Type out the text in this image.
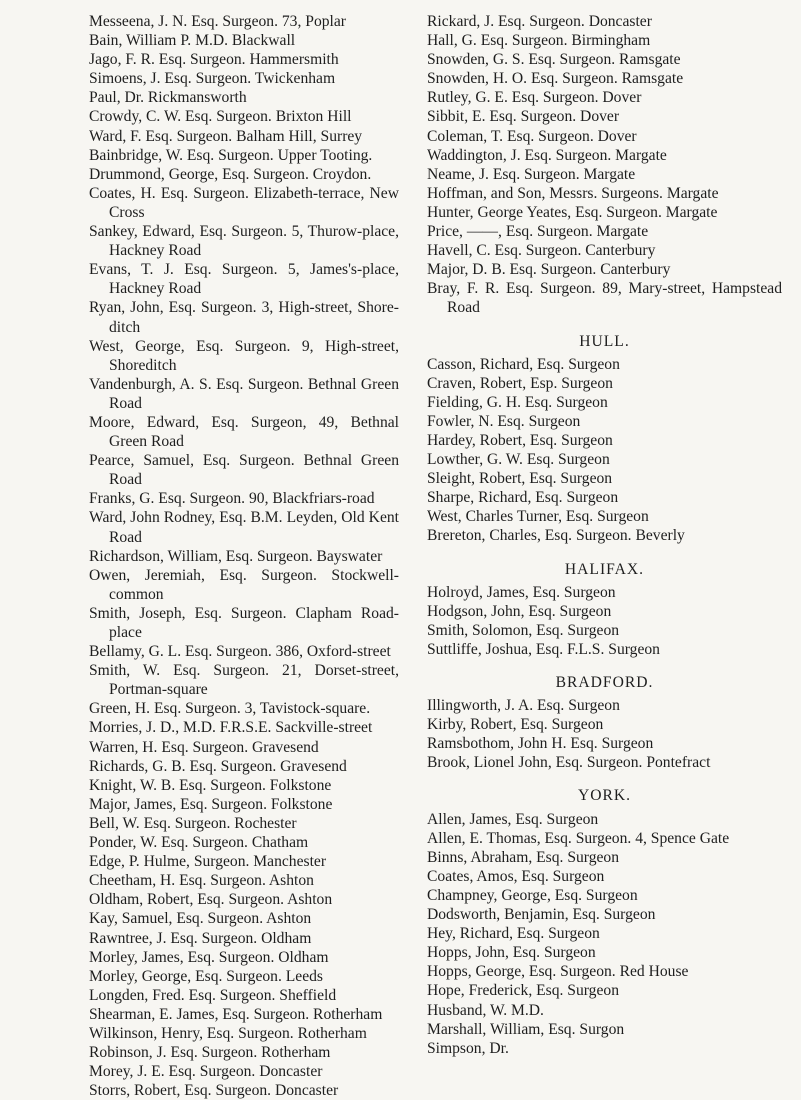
Messeena, J. N. Esq. Surgeon. 73, Poplar
Bain, William P. M.D. Blackwall
Jago, F. R. Esq. Surgeon. Hammersmith
Simoens, J. Esq. Surgeon. Twickenham
Paul, Dr. Rickmansworth
Crowdy, C. W. Esq. Surgeon. Brixton Hill
Ward, F. Esq. Surgeon. Balham Hill, Surrey
Bainbridge, W. Esq. Surgeon. Upper Tooting.
Drummond, George, Esq. Surgeon. Croydon.
Coates, H. Esq. Surgeon. Elizabeth-terrace, New Cross
Sankey, Edward, Esq. Surgeon. 5, Thurow-place, Hackney Road
Evans, T. J. Esq. Surgeon. 5, James's-place, Hackney Road
Ryan, John, Esq. Surgeon. 3, High-street, Shore-ditch
West, George, Esq. Surgeon. 9, High-street, Shoreditch
Vandenburgh, A. S. Esq. Surgeon. Bethnal Green Road
Moore, Edward, Esq. Surgeon, 49, Bethnal Green Road
Pearce, Samuel, Esq. Surgeon. Bethnal Green Road
Franks, G. Esq. Surgeon. 90, Blackfriars-road
Ward, John Rodney, Esq. B.M. Leyden, Old Kent Road
Richardson, William, Esq. Surgeon. Bayswater
Owen, Jeremiah, Esq. Surgeon. Stockwell-common
Smith, Joseph, Esq. Surgeon. Clapham Road-place
Bellamy, G. L. Esq. Surgeon. 386, Oxford-street
Smith, W. Esq. Surgeon. 21, Dorset-street, Portman-square
Green, H. Esq. Surgeon. 3, Tavistock-square.
Morries, J. D., M.D. F.R.S.E. Sackville-street
Warren, H. Esq. Surgeon. Gravesend
Richards, G. B. Esq. Surgeon. Gravesend
Knight, W. B. Esq. Surgeon. Folkstone
Major, James, Esq. Surgeon. Folkstone
Bell, W. Esq. Surgeon. Rochester
Ponder, W. Esq. Surgeon. Chatham
Edge, P. Hulme, Surgeon. Manchester
Cheetham, H. Esq. Surgeon. Ashton
Oldham, Robert, Esq. Surgeon. Ashton
Kay, Samuel, Esq. Surgeon. Ashton
Rawntree, J. Esq. Surgeon. Oldham
Morley, James, Esq. Surgeon. Oldham
Morley, George, Esq. Surgeon. Leeds
Longden, Fred. Esq. Surgeon. Sheffield
Shearman, E. James, Esq. Surgeon. Rotherham
Wilkinson, Henry, Esq. Surgeon. Rotherham
Robinson, J. Esq. Surgeon. Rotherham
Morey, J. E. Esq. Surgeon. Doncaster
Storrs, Robert, Esq. Surgeon. Doncaster
Rickard, J. Esq. Surgeon. Doncaster
Hall, G. Esq. Surgeon. Birmingham
Snowden, G. S. Esq. Surgeon. Ramsgate
Snowden, H. O. Esq. Surgeon. Ramsgate
Rutley, G. E. Esq. Surgeon. Dover
Sibbit, E. Esq. Surgeon. Dover
Coleman, T. Esq. Surgeon. Dover
Waddington, J. Esq. Surgeon. Margate
Neame, J. Esq. Surgeon. Margate
Hoffman, and Son, Messrs. Surgeons. Margate
Hunter, George Yeates, Esq. Surgeon. Margate
Price, ——, Esq. Surgeon. Margate
Havell, C. Esq. Surgeon. Canterbury
Major, D. B. Esq. Surgeon. Canterbury
Bray, F. R. Esq. Surgeon. 89, Mary-street, Hampstead Road
HULL.
Casson, Richard, Esq. Surgeon
Craven, Robert, Esp. Surgeon
Fielding, G. H. Esq. Surgeon
Fowler, N. Esq. Surgeon
Hardey, Robert, Esq. Surgeon
Lowther, G. W. Esq. Surgeon
Sleight, Robert, Esq. Surgeon
Sharpe, Richard, Esq. Surgeon
West, Charles Turner, Esq. Surgeon
Brereton, Charles, Esq. Surgeon. Beverly
HALIFAX.
Holroyd, James, Esq. Surgeon
Hodgson, John, Esq. Surgeon
Smith, Solomon, Esq. Surgeon
Suttliffe, Joshua, Esq. F.L.S. Surgeon
BRADFORD.
Illingworth, J. A. Esq. Surgeon
Kirby, Robert, Esq. Surgeon
Ramsbothom, John H. Esq. Surgeon
Brook, Lionel John, Esq. Surgeon. Pontefract
YORK.
Allen, James, Esq. Surgeon
Allen, E. Thomas, Esq. Surgeon. 4, Spence Gate
Binns, Abraham, Esq. Surgeon
Coates, Amos, Esq. Surgeon
Champney, George, Esq. Surgeon
Dodsworth, Benjamin, Esq. Surgeon
Hey, Richard, Esq. Surgeon
Hopps, John, Esq. Surgeon
Hopps, George, Esq. Surgeon. Red House
Hope, Frederick, Esq. Surgeon
Husband, W. M.D.
Marshall, William, Esq. Surgon
Simpson, Dr.
